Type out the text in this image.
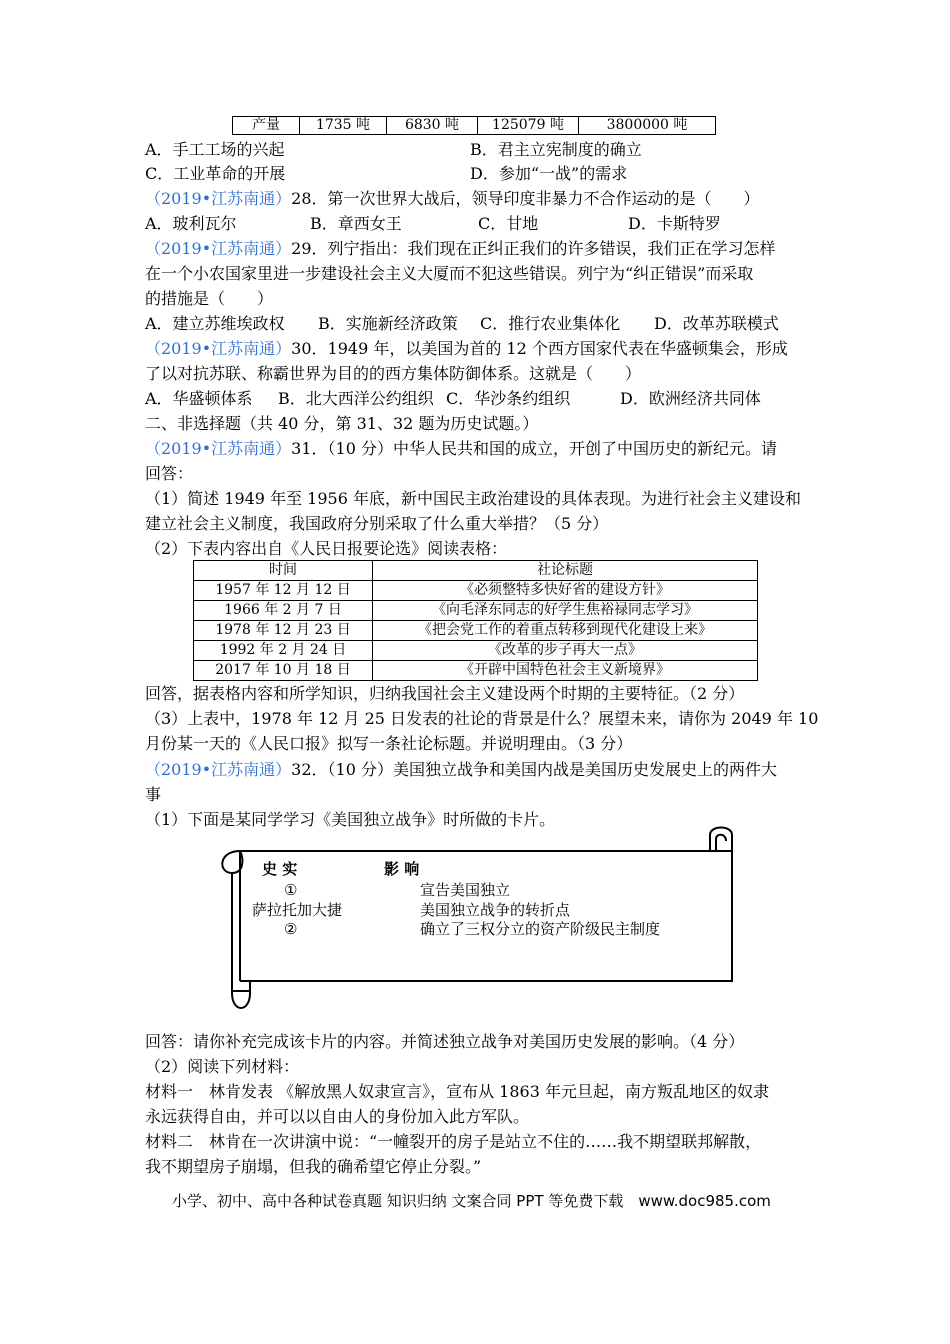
产量	1735 吨	6830 吨	125079 吨	3800000 吨
A．手工工场的兴起	B．君主立宪制度的确立
C．工业革命的开展	D．参加“一战”的需求
（2019•江苏南通）28．第一次世界大战后，领导印度非暴力不合作运动的是（　　）
A．玻利瓦尔	B．章西女王	C．甘地	D．卡斯特罗
（2019•江苏南通）29．列宁指出：我们现在正纠正我们的许多错误，我们正在学习怎样
在一个小农国家里进一步建设社会主义大厦而不犯这些错误。列宁为“纠正错误”而采取
的措施是（　　）
A．建立苏维埃政权 B．实施新经济政策 C．推行农业集体化 D．改革苏联模式
（2019•江苏南通）30．1949 年，以美国为首的 12 个西方国家代表在华盛顿集会，形成
了以对抗苏联、称霸世界为目的的西方集体防御体系。这就是（　　）
A．华盛顿体系 B．北大西洋公约组织 C．华沙条约组织	D．欧洲经济共同体
二、非选择题（共 40 分，第 31、32 题为历史试题。）
（2019•江苏南通）31．（10 分）中华人民共和国的成立，开创了中国历史的新纪元。请
回答：
（1）简述 1949 年至 1956 年底，新中国民主政治建设的具体表现。为进行社会主义建设和
建立社会主义制度，我国政府分别采取了什么重大举措？（5 分）
（2）下表内容出自《人民日报要论选》阅读表格：
时间	社论标题
1957 年 12 月 12 日	《必须整特多快好省的建设方针》
1966 年 2 月 7 日	《向毛泽东同志的好学生焦裕禄同志学习》
1978 年 12 月 23 日	《把会党工作的着重点转移到现代化建设上来》
1992 年 2 月 24 日	《改革的步子再大一点》
2017 年 10 月 18 日	《开辟中国特色社会主义新境界》
回答，据表格内容和所学知识，归纳我国社会主义建设两个时期的主要特征。（2 分）
（3）上表中，1978 年 12 月 25 日发表的社论的背景是什么？展望未来，请你为 2049 年 10
月份某一天的《人民口报》拟写一条社论标题。并说明理由。（3 分）
（2019•江苏南通）32．（10 分）美国独立战争和美国内战是美国历史发展史上的两件大
事
（1）下面是某同学学习《美国独立战争》时所做的卡片。
史 实	影 响
①	宣告美国独立
萨拉托加大捷	美国独立战争的转折点
②	确立了三权分立的资产阶级民主制度
回答：请你补充完成该卡片的内容。并简述独立战争对美国历史发展的影响。（4 分）
（2）阅读下列材料：
材料一　林肯发表 《解放黑人奴隶宣言》，宣布从 1863 年元旦起，南方叛乱地区的奴隶
永远获得自由，并可以以自由人的身份加入此方军队。
材料二　林肯在一次讲演中说：“一幢裂开的房子是站立不住的……我不期望联邦解散，
我不期望房子崩塌，但我的确希望它停止分裂。”
小学、初中、高中各种试卷真题 知识归纳 文案合同 PPT 等免费下载　www.doc985.com
